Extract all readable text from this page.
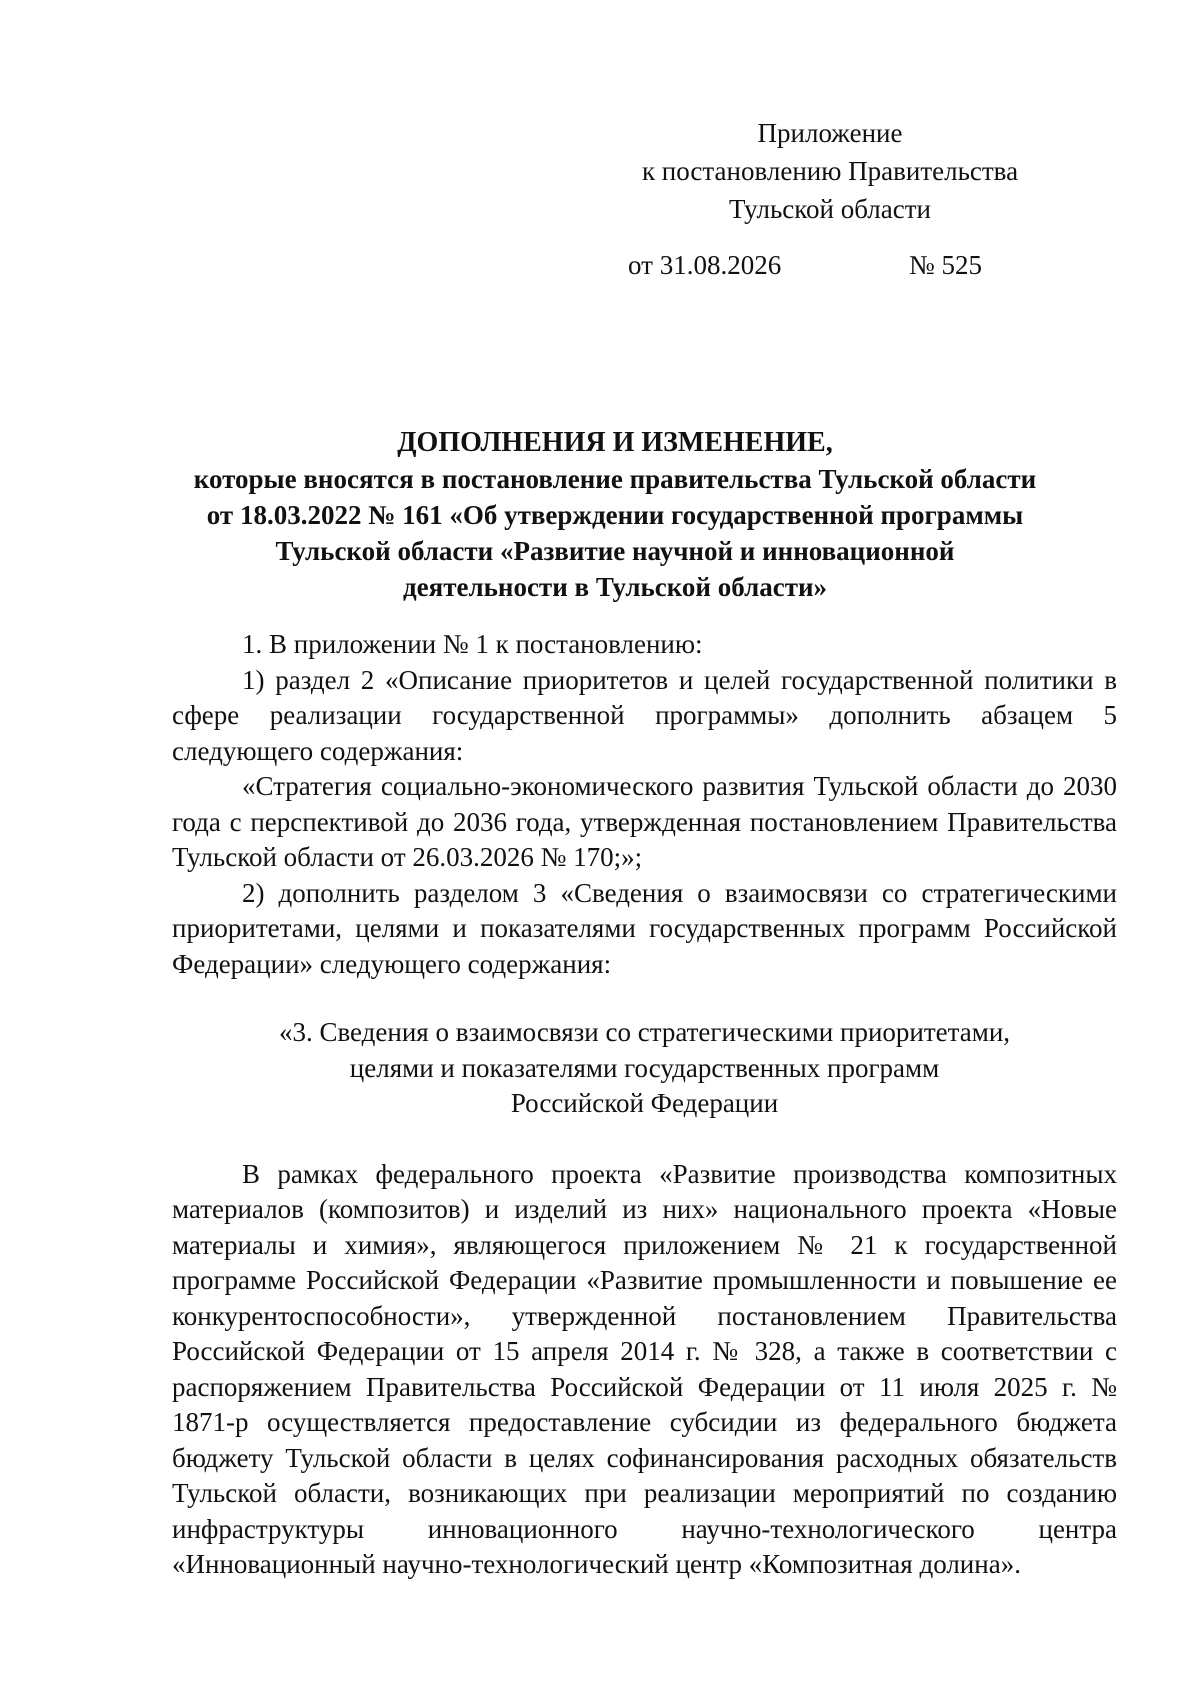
Приложение
к постановлению Правительства
Тульской области
от 31.08.2026	№ 525
ДОПОЛНЕНИЯ И ИЗМЕНЕНИЕ,
которые вносятся в постановление правительства Тульской области
от 18.03.2022 № 161 «Об утверждении государственной программы
Тульской области «Развитие научной и инновационной
деятельности в Тульской области»

1. В приложении № 1 к постановлению:

1) раздел 2 «Описание приоритетов и целей государственной политики в сфере реализации государственной программы» дополнить абзацем 5 следующего содержания:

«Стратегия социально-экономического развития Тульской области до 2030 года с перспективой до 2036 года, утвержденная постановлением Правительства Тульской области от 26.03.2026 № 170;»;

2) дополнить разделом 3 «Сведения о взаимосвязи со стратегическими приоритетами, целями и показателями государственных программ Российской Федерации» следующего содержания:

«3. Сведения о взаимосвязи со стратегическими приоритетами,
целями и показателями государственных программ
Российской Федерации

В рамках федерального проекта «Развитие производства композитных материалов (композитов) и изделий из них» национального проекта «Новые материалы и химия», являющегося приложением № 21 к государственной программе Российской Федерации «Развитие промышленности и повышение ее конкурентоспособности», утвержденной постановлением Правительства Российской Федерации от 15 апреля 2014 г. № 328, а также в соответствии с распоряжением Правительства Российской Федерации от 11 июля 2025 г. № 1871-р осуществляется предоставление субсидии из федерального бюджета бюджету Тульской области в целях софинансирования расходных обязательств Тульской области, возникающих при реализации мероприятий по созданию инфраструктуры инновационного научно-технологического центра «Инновационный научно-технологический центр «Композитная долина».
